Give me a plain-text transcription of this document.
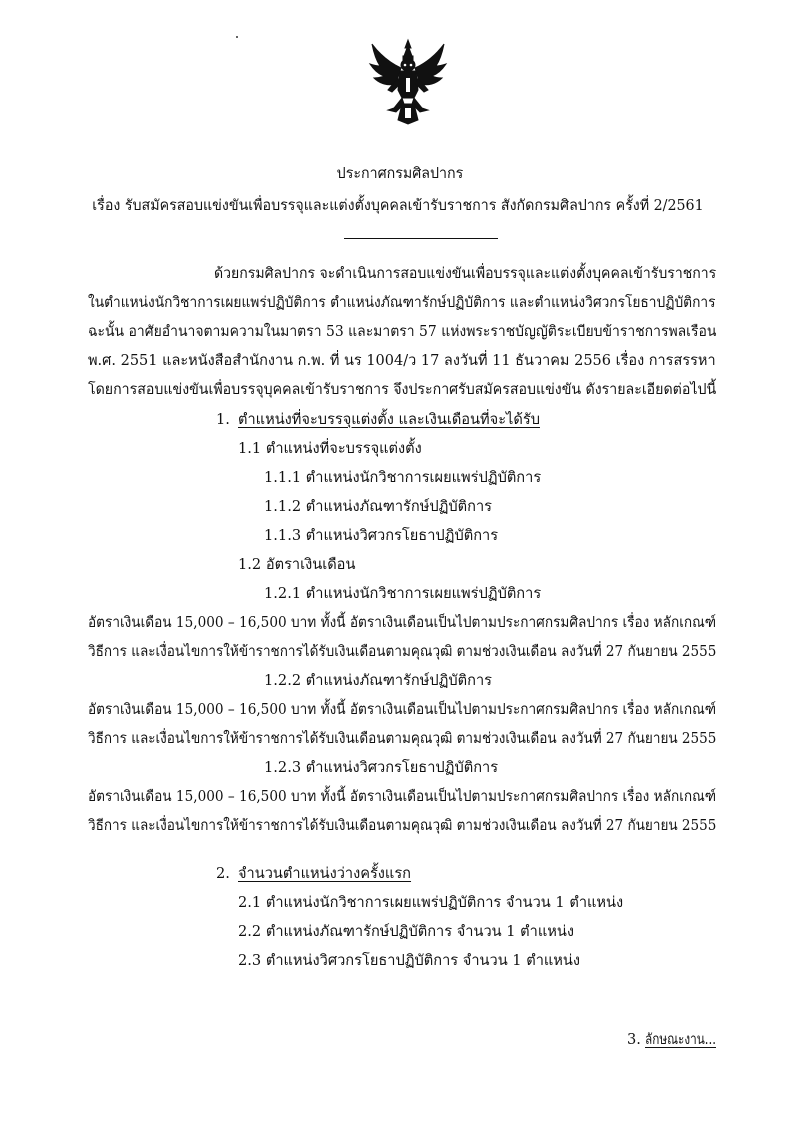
ประกาศกรมศิลปากร
เรื่อง รับสมัครสอบแข่งขันเพื่อบรรจุและแต่งตั้งบุคคลเข้ารับราชการ สังกัดกรมศิลปากร ครั้งที่ 2/2561
ด้วยกรมศิลปากร จะดำเนินการสอบแข่งขันเพื่อบรรจุและแต่งตั้งบุคคลเข้ารับราชการ
ในตำแหน่งนักวิชาการเผยแพร่ปฏิบัติการ ตำแหน่งภัณฑารักษ์ปฏิบัติการ และตำแหน่งวิศวกรโยธาปฏิบัติการ
ฉะนั้น อาศัยอำนาจตามความในมาตรา 53 และมาตรา 57 แห่งพระราชบัญญัติระเบียบข้าราชการพลเรือน
พ.ศ. 2551 และหนังสือสำนักงาน ก.พ. ที่ นร 1004/ว 17 ลงวันที่ 11 ธันวาคม 2556 เรื่อง การสรรหา
โดยการสอบแข่งขันเพื่อบรรจุบุคคลเข้ารับราชการ จึงประกาศรับสมัครสอบแข่งขัน ดังรายละเอียดต่อไปนี้
1. ตำแหน่งที่จะบรรจุแต่งตั้ง และเงินเดือนที่จะได้รับ
1.1 ตำแหน่งที่จะบรรจุแต่งตั้ง
1.1.1 ตำแหน่งนักวิชาการเผยแพร่ปฏิบัติการ
1.1.2 ตำแหน่งภัณฑารักษ์ปฏิบัติการ
1.1.3 ตำแหน่งวิศวกรโยธาปฏิบัติการ
1.2 อัตราเงินเดือน
1.2.1 ตำแหน่งนักวิชาการเผยแพร่ปฏิบัติการ
อัตราเงินเดือน 15,000 – 16,500 บาท ทั้งนี้ อัตราเงินเดือนเป็นไปตามประกาศกรมศิลปากร เรื่อง หลักเกณฑ์
วิธีการ และเงื่อนไขการให้ข้าราชการได้รับเงินเดือนตามคุณวุฒิ ตามช่วงเงินเดือน ลงวันที่ 27 กันยายน 2555
1.2.2 ตำแหน่งภัณฑารักษ์ปฏิบัติการ
อัตราเงินเดือน 15,000 – 16,500 บาท ทั้งนี้ อัตราเงินเดือนเป็นไปตามประกาศกรมศิลปากร เรื่อง หลักเกณฑ์
วิธีการ และเงื่อนไขการให้ข้าราชการได้รับเงินเดือนตามคุณวุฒิ ตามช่วงเงินเดือน ลงวันที่ 27 กันยายน 2555
1.2.3 ตำแหน่งวิศวกรโยธาปฏิบัติการ
อัตราเงินเดือน 15,000 – 16,500 บาท ทั้งนี้ อัตราเงินเดือนเป็นไปตามประกาศกรมศิลปากร เรื่อง หลักเกณฑ์
วิธีการ และเงื่อนไขการให้ข้าราชการได้รับเงินเดือนตามคุณวุฒิ ตามช่วงเงินเดือน ลงวันที่ 27 กันยายน 2555
2. จำนวนตำแหน่งว่างครั้งแรก
2.1 ตำแหน่งนักวิชาการเผยแพร่ปฏิบัติการ จำนวน 1 ตำแหน่ง
2.2 ตำแหน่งภัณฑารักษ์ปฏิบัติการ จำนวน 1 ตำแหน่ง
2.3 ตำแหน่งวิศวกรโยธาปฏิบัติการ จำนวน 1 ตำแหน่ง
3. ลักษณะงาน...
